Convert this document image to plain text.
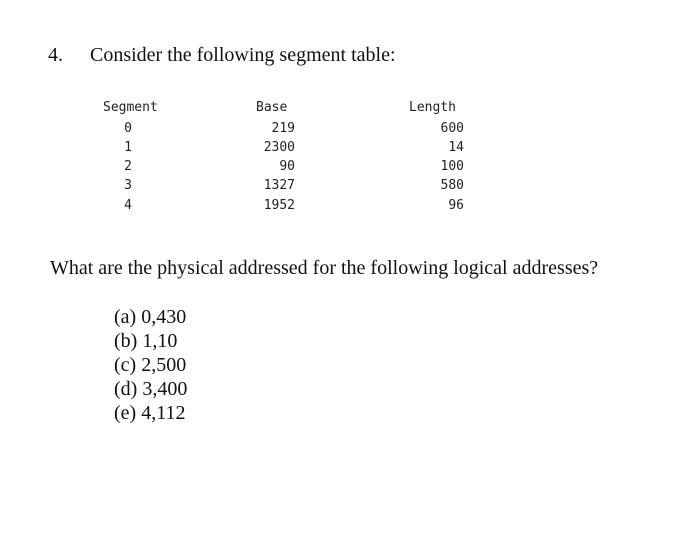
4. Consider the following segment table:
Segment	Base	Length
0	219	600
1	2300	14
2	90	100
3	1327	580
4	1952	96
What are the physical addressed for the following logical addresses?
(a) 0,430
(b) 1,10
(c) 2,500
(d) 3,400
(e) 4,112
